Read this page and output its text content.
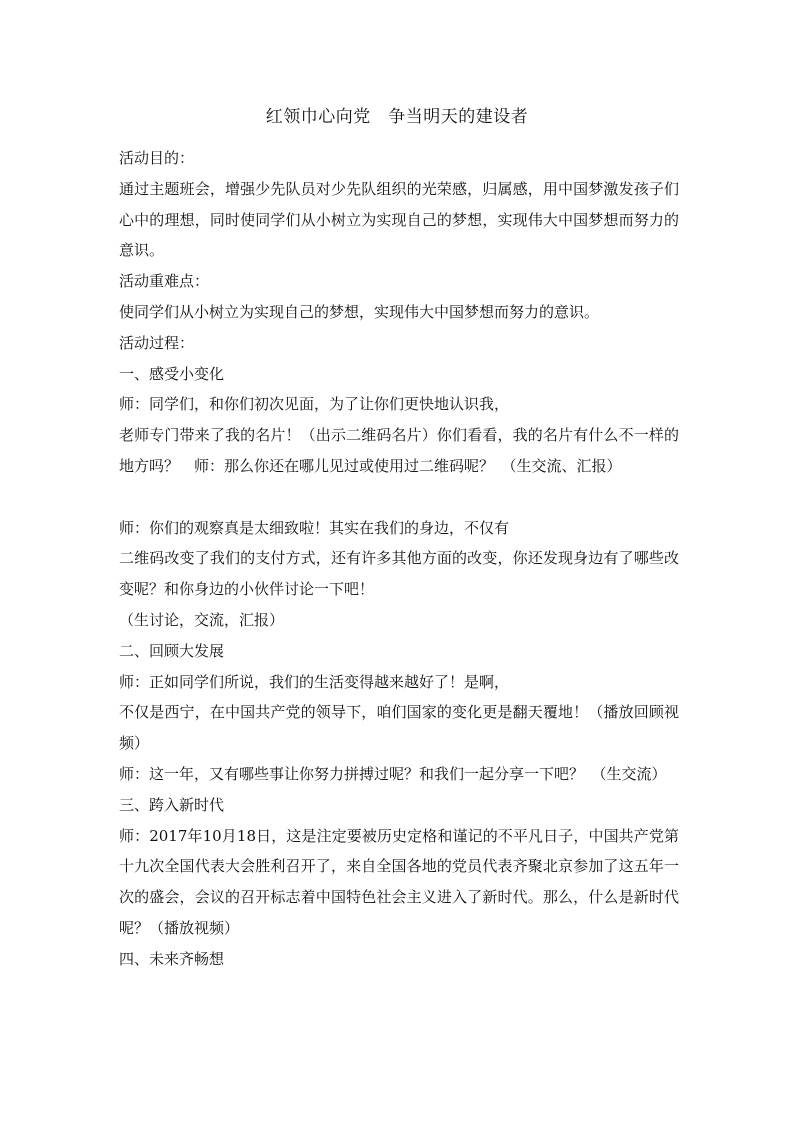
红领巾心向党　争当明天的建设者

活动目的：

通过主题班会，增强少先队员对少先队组织的光荣感，归属感，用中国梦激发孩子们心中的理想，同时使同学们从小树立为实现自己的梦想，实现伟大中国梦想而努力的意识。

活动重难点：

使同学们从小树立为实现自己的梦想，实现伟大中国梦想而努力的意识。

活动过程：

一、感受小变化

师：同学们，和你们初次见面，为了让你们更快地认识我，

老师专门带来了我的名片！（出示二维码名片）你们看看，我的名片有什么不一样的地方吗？　师：那么你还在哪儿见过或使用过二维码呢？　（生交流、汇报）

师：你们的观察真是太细致啦！其实在我们的身边，不仅有

二维码改变了我们的支付方式，还有许多其他方面的改变，你还发现身边有了哪些改变呢？和你身边的小伙伴讨论一下吧！

（生讨论，交流，汇报）

二、回顾大发展

师：正如同学们所说，我们的生活变得越来越好了！是啊，

不仅是西宁，在中国共产党的领导下，咱们国家的变化更是翻天覆地！（播放回顾视频）

师：这一年，又有哪些事让你努力拼搏过呢？和我们一起分享一下吧？　（生交流）

三、跨入新时代

师：2017年10月18日，这是注定要被历史定格和谨记的不平凡日子，中国共产党第十九次全国代表大会胜利召开了，来自全国各地的党员代表齐聚北京参加了这五年一次的盛会，会议的召开标志着中国特色社会主义进入了新时代。那么，什么是新时代呢？（播放视频）

四、未来齐畅想
